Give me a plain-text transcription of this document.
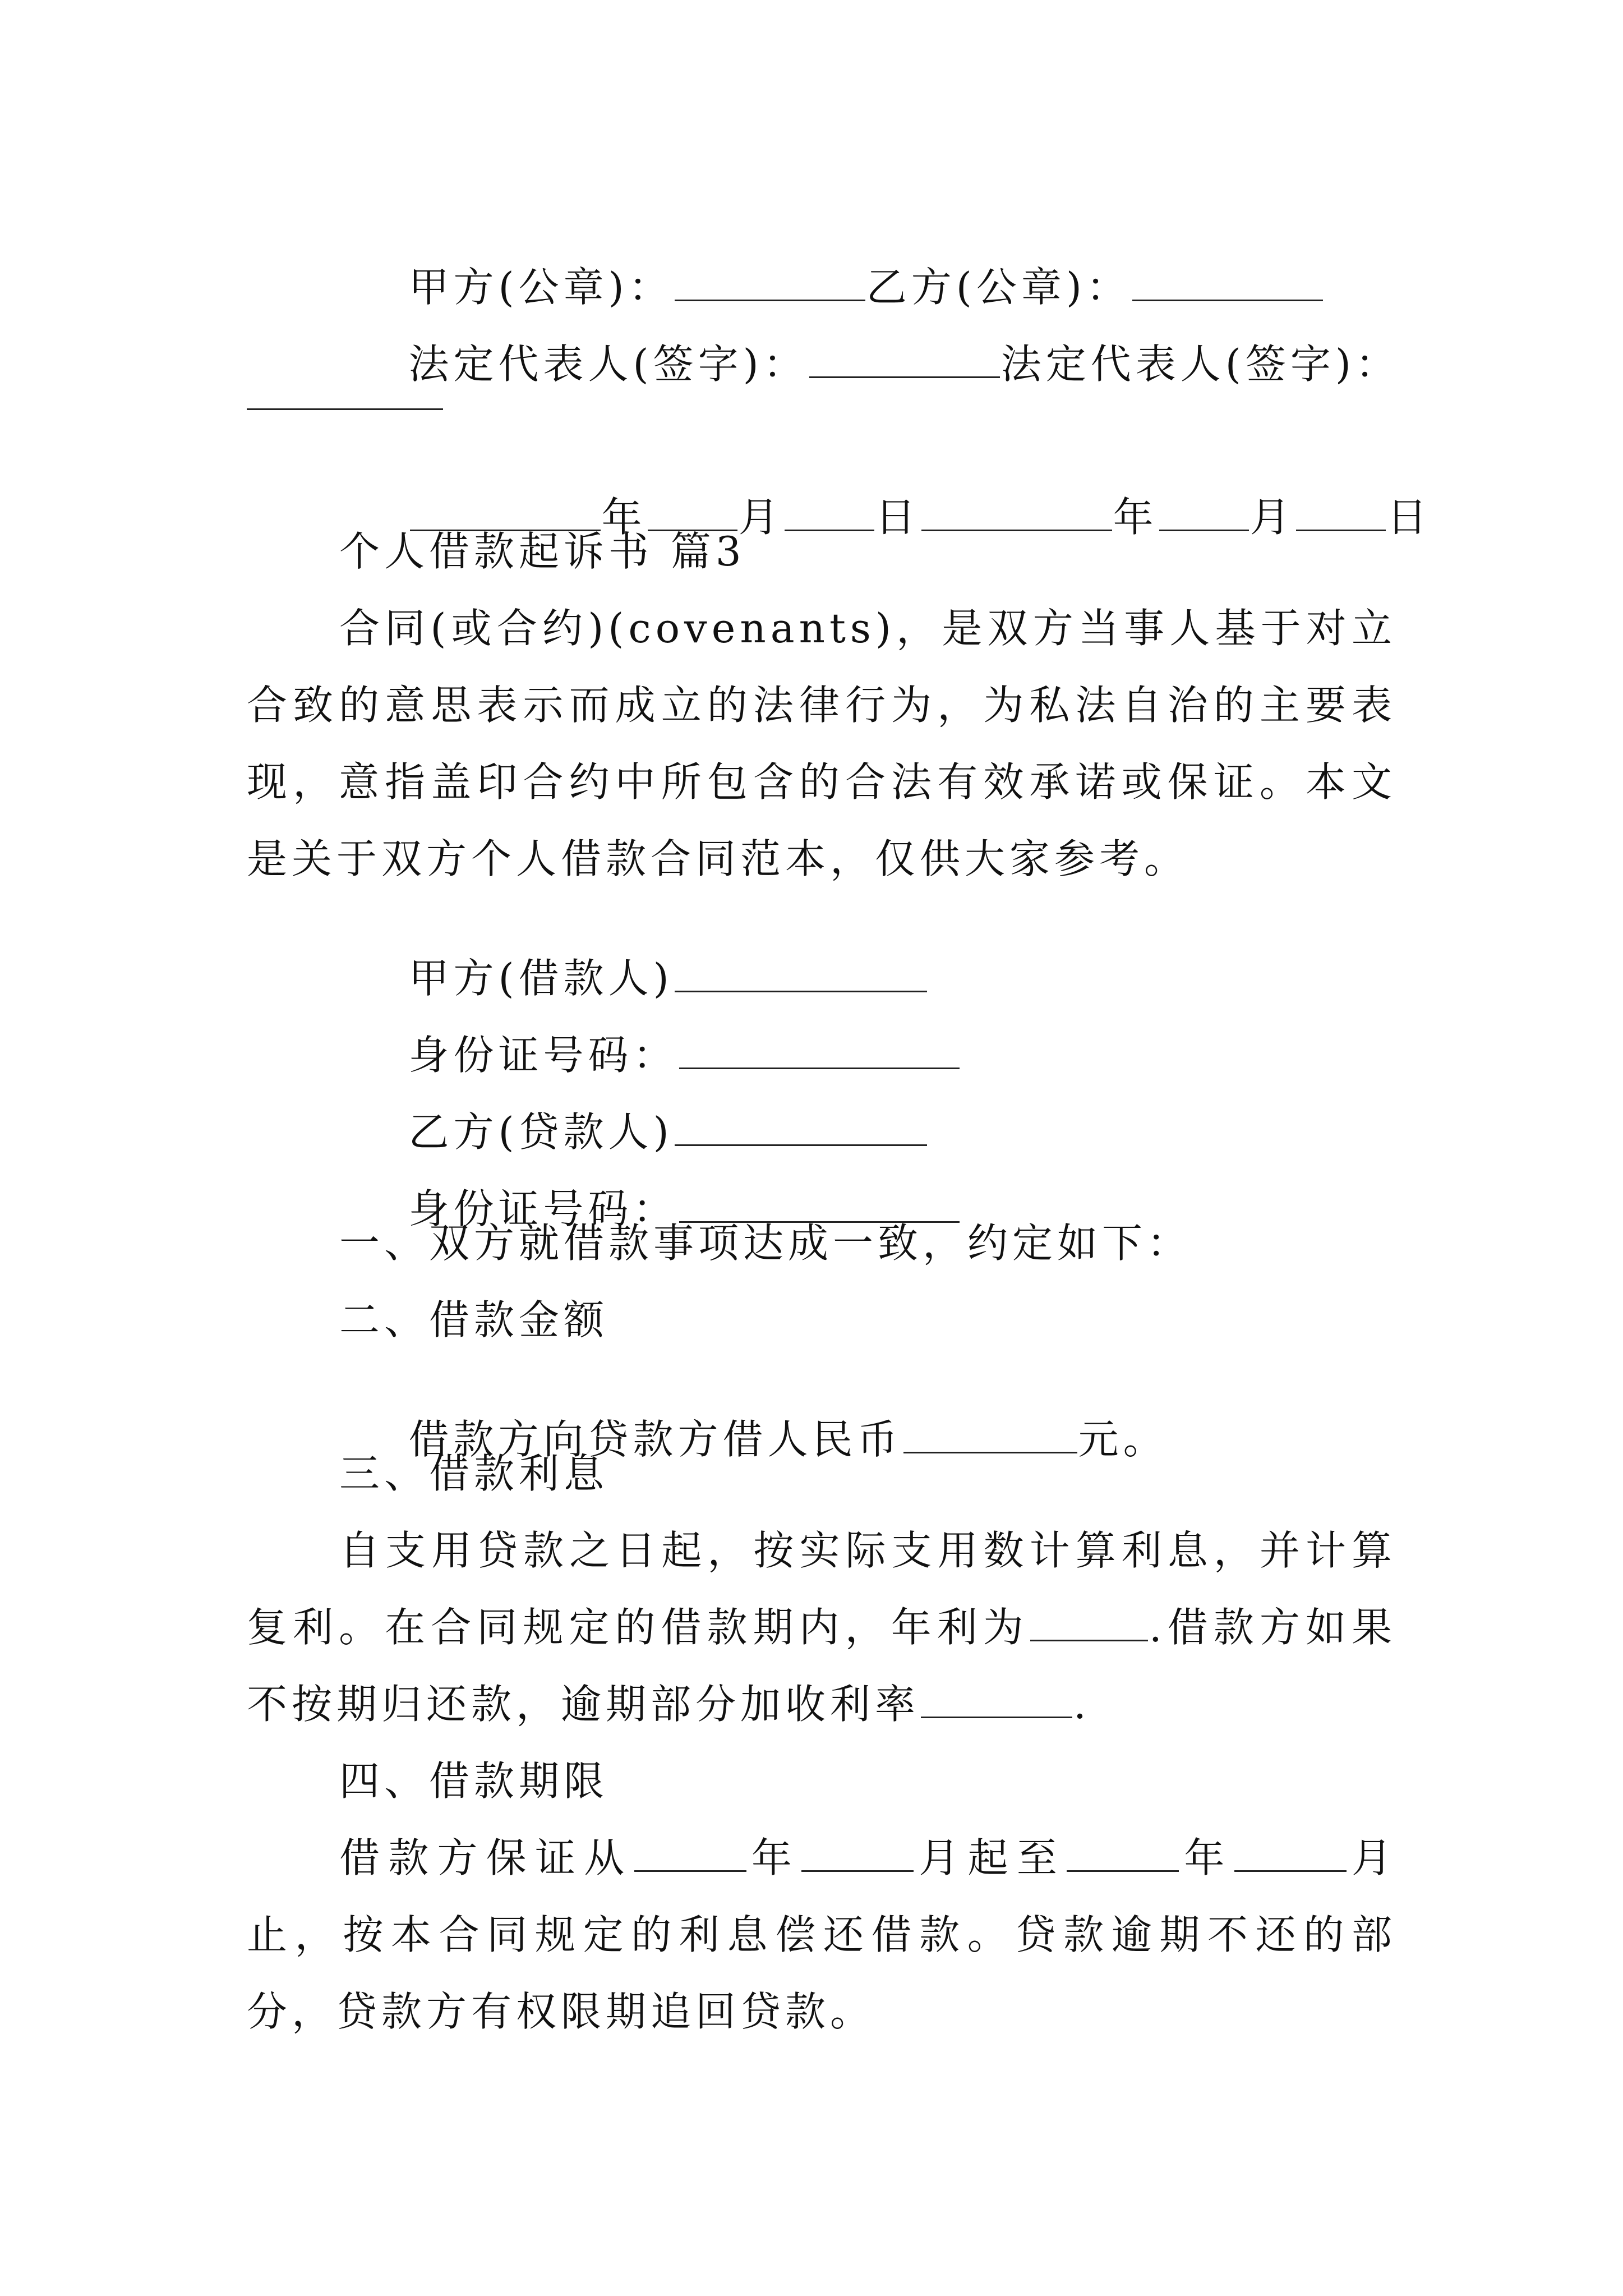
甲方(公章)：	乙方(公章)：

法定代表人(签字)：	法定代表人(签字)：

年 月 日	年 月 日

个人借款起诉书 篇3
合同(或合约)(covenants)，是双方当事人基于对立合致的意思表示而成立的法律行为，为私法自治的主要表现，意指盖印合约中所包含的合法有效承诺或保证。本文是关于双方个人借款合同范本，仅供大家参考。

甲方(借款人)

身份证号码：

乙方(贷款人)

身份证号码：

一、双方就借款事项达成一致，约定如下：
二、借款金额

借款方向贷款方借人民币	元。

三、借款利息
自支用贷款之日起，按实际支用数计算利息，并计算复利。在合同规定的借款期内，年利为	.借款方如果不按期归还款，逾期部分加收利率	.
四、借款期限
借款方保证从	年	月起至	年	月止，按本合同规定的利息偿还借款。贷款逾期不还的部分，贷款方有权限期追回贷款。
